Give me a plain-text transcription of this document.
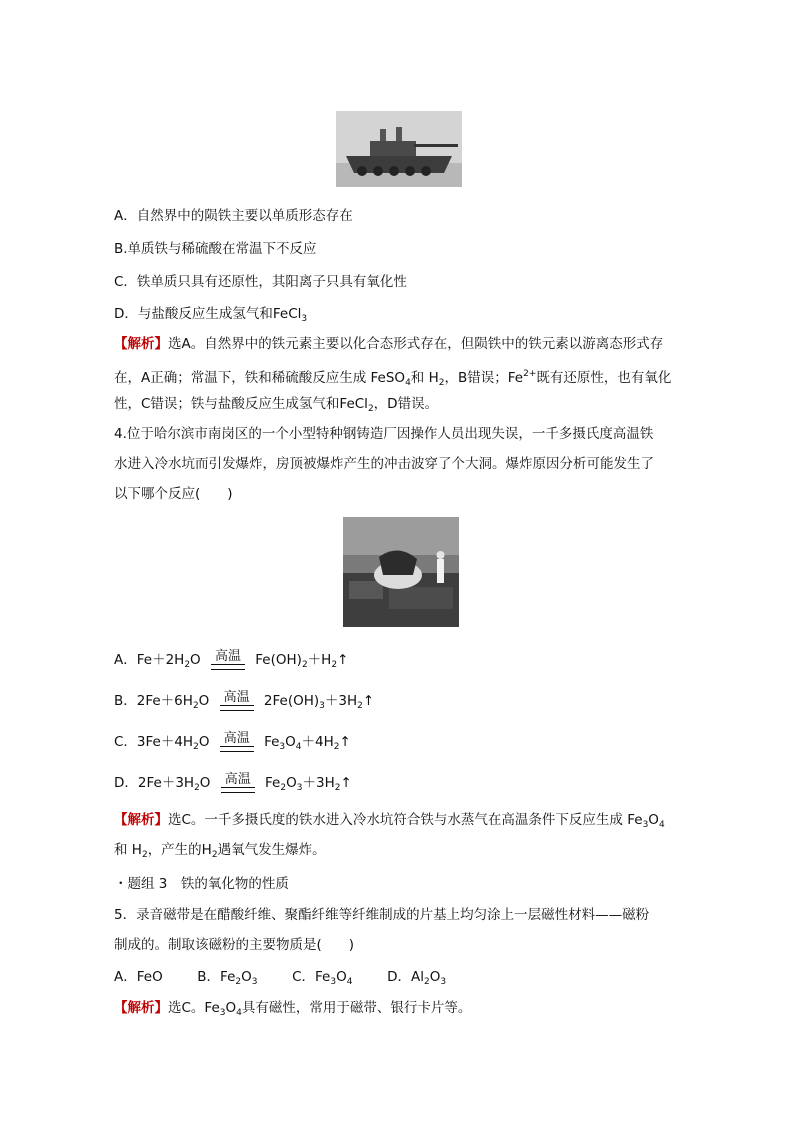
A．自然界中的陨铁主要以单质形态存在
B.单质铁与稀硫酸在常温下不反应
C．铁单质只具有还原性，其阳离子只具有氧化性
D．与盐酸反应生成氢气和FeCl$_3$
【解析】选A。自然界中的铁元素主要以化合态形式存在，但陨铁中的铁元素以游离态形式存
在，A正确；常温下，铁和稀硫酸反应生成 FeSO$_4$和 $H_2$，B错误；$Fe^{2+}$既有还原性，也有氧化
性，C错误；铁与盐酸反应生成氢气和FeCl$_2$，D错误。
4.位于哈尔滨市南岗区的一个小型特种钢铸造厂因操作人员出现失误，一千多摄氏度高温铁
水进入冷水坑而引发爆炸，房顶被爆炸产生的冲击波穿了个大洞。爆炸原因分析可能发生了
以下哪个反应(　　)
A．$Fe+2H_2O$	高温 $Fe(OH)_2+H_2↑$
B．$2Fe+6H_2O$	高温 $2Fe(OH)_3+3H_2↑$
C．$3Fe+4H_2O$	高温 $Fe_3O_4+4H_2↑$
D．$2Fe+3H_2O$	高温 $Fe_2O_3+3H_2↑$
【解析】选C。一千多摄氏度的铁水进入冷水坑符合铁与水蒸气在高温条件下反应生成 $Fe_3O_4$
和 $H_2$，产生的$H_2$遇氧气发生爆炸。
・题组 3　铁的氧化物的性质
5．录音磁带是在醋酸纤维、聚酯纤维等纤维制成的片基上均匀涂上一层磁性材料——磁粉
制成的。制取该磁粉的主要物质是(　　)
A．FeO	B．$Fe_2O_3$	C．$Fe_3O_4$	D．$Al_2O_3$
【解析】选C。$Fe_3O_4$具有磁性，常用于磁带、银行卡片等。
